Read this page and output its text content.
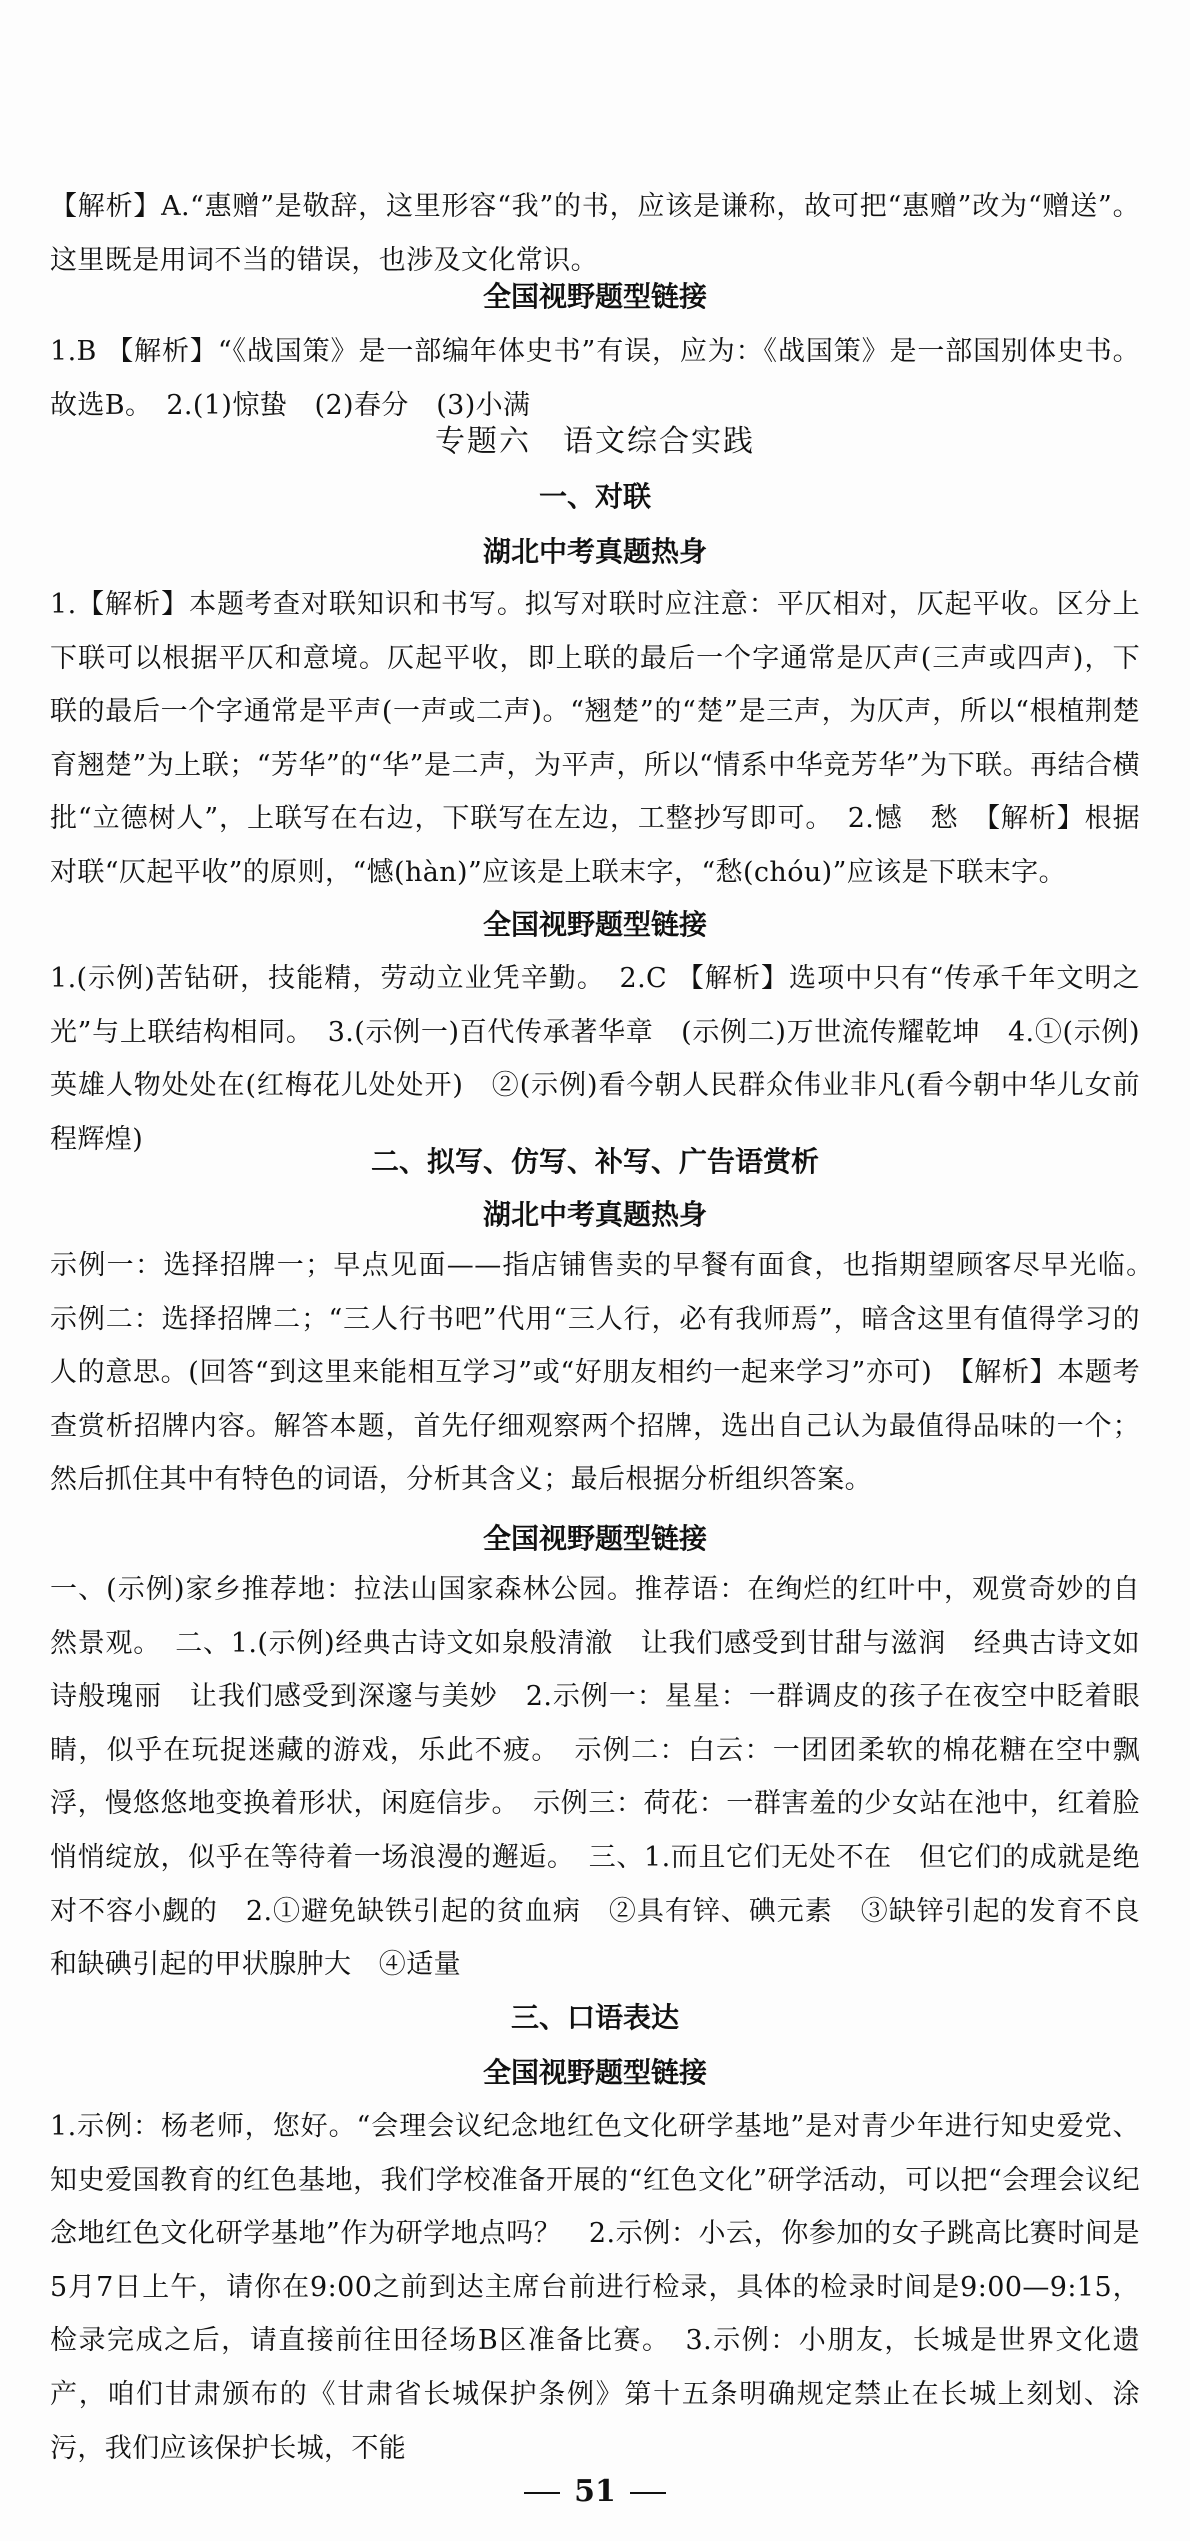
【解析】A.“惠赠”是敬辞，这里形容“我”的书，应该是谦称，故可把“惠赠”改为“赠送”。这里既是用词不当的错误，也涉及文化常识。

全国视野题型链接

1.B 【解析】“《战国策》是一部编年体史书”有误，应为：《战国策》是一部国别体史书。故选B。　2.(1)惊蛰　(2)春分　(3)小满

专题六　语文综合实践
一、对联
湖北中考真题热身

1.【解析】本题考查对联知识和书写。拟写对联时应注意：平仄相对，仄起平收。区分上下联可以根据平仄和意境。仄起平收，即上联的最后一个字通常是仄声(三声或四声)，下联的最后一个字通常是平声(一声或二声)。“翘楚”的“楚”是三声，为仄声，所以“根植荆楚育翘楚”为上联；“芳华”的“华”是二声，为平声，所以“情系中华竞芳华”为下联。再结合横批“立德树人”，上联写在右边，下联写在左边，工整抄写即可。　2.憾　愁　【解析】根据对联“仄起平收”的原则，“憾(hàn)”应该是上联末字，“愁(chóu)”应该是下联末字。

全国视野题型链接

1.(示例)苦钻研，技能精，劳动立业凭辛勤。　2.C 【解析】选项中只有“传承千年文明之光”与上联结构相同。　3.(示例一)百代传承著华章　(示例二)万世流传耀乾坤　4.①(示例)英雄人物处处在(红梅花儿处处开)　②(示例)看今朝人民群众伟业非凡(看今朝中华儿女前程辉煌)

二、拟写、仿写、补写、广告语赏析
湖北中考真题热身

示例一：选择招牌一；早点见面——指店铺售卖的早餐有面食，也指期望顾客尽早光临。　示例二：选择招牌二；“三人行书吧”代用“三人行，必有我师焉”，暗含这里有值得学习的人的意思。(回答“到这里来能相互学习”或“好朋友相约一起来学习”亦可)　【解析】本题考查赏析招牌内容。解答本题，首先仔细观察两个招牌，选出自己认为最值得品味的一个；然后抓住其中有特色的词语，分析其含义；最后根据分析组织答案。

全国视野题型链接

一、(示例)家乡推荐地：拉法山国家森林公园。推荐语：在绚烂的红叶中，观赏奇妙的自然景观。　二、1.(示例)经典古诗文如泉般清澈　让我们感受到甘甜与滋润　经典古诗文如诗般瑰丽　让我们感受到深邃与美妙　2.示例一：星星：一群调皮的孩子在夜空中眨着眼睛，似乎在玩捉迷藏的游戏，乐此不疲。　示例二：白云：一团团柔软的棉花糖在空中飘浮，慢悠悠地变换着形状，闲庭信步。　示例三：荷花：一群害羞的少女站在池中，红着脸悄悄绽放，似乎在等待着一场浪漫的邂逅。　三、1.而且它们无处不在　但它们的成就是绝对不容小觑的　2.①避免缺铁引起的贫血病　②具有锌、碘元素　③缺锌引起的发育不良和缺碘引起的甲状腺肿大　④适量

三、口语表达
全国视野题型链接

1.示例：杨老师，您好。“会理会议纪念地红色文化研学基地”是对青少年进行知史爱党、知史爱国教育的红色基地，我们学校准备开展的“红色文化”研学活动，可以把“会理会议纪念地红色文化研学基地”作为研学地点吗？　2.示例：小云，你参加的女子跳高比赛时间是5月7日上午，请你在9:00之前到达主席台前进行检录，具体的检录时间是9:00—9:15，检录完成之后，请直接前往田径场B区准备比赛。　3.示例：小朋友，长城是世界文化遗产，咱们甘肃颁布的《甘肃省长城保护条例》第十五条明确规定禁止在长城上刻划、涂污，我们应该保护长城，不能

51
